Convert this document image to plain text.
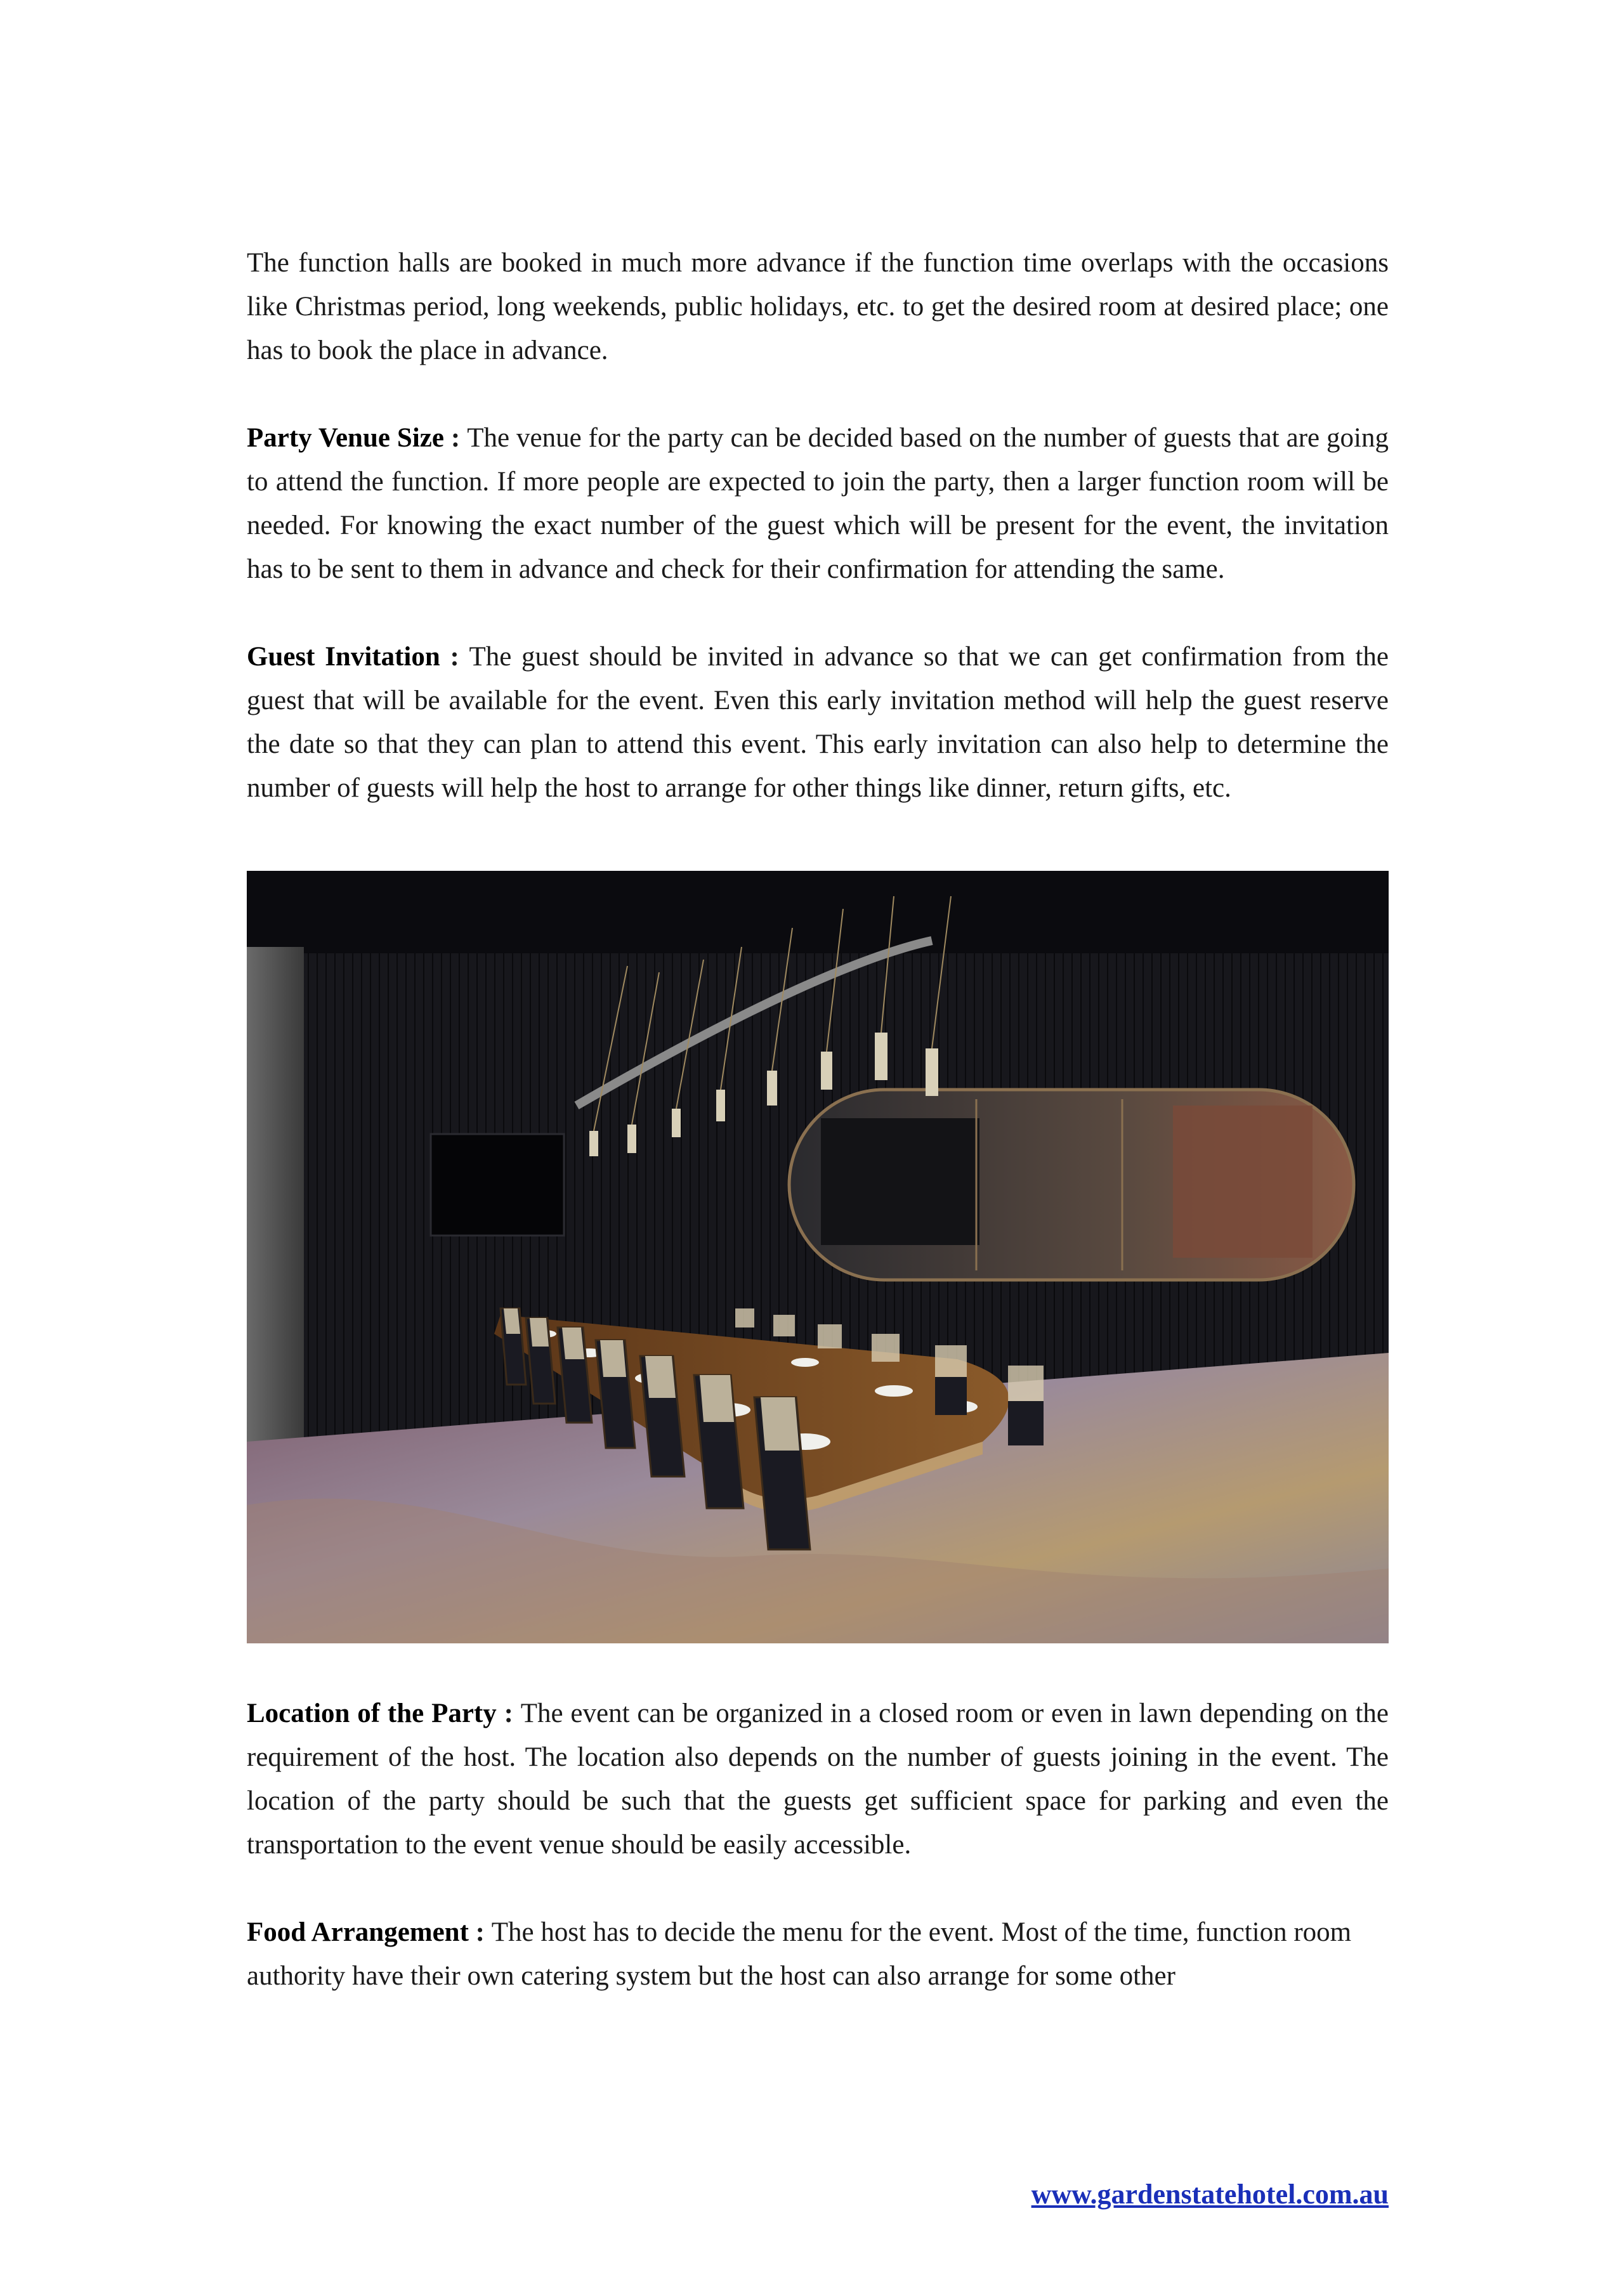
The function halls are booked in much more advance if the function time overlaps with the occasions like Christmas period, long weekends, public holidays, etc. to get the desired room at desired place; one has to book the place in advance.

Party Venue Size : The venue for the party can be decided based on the number of guests that are going to attend the function. If more people are expected to join the party, then a larger function room will be needed. For knowing the exact number of the guest which will be present for the event, the invitation has to be sent to them in advance and check for their confirmation for attending the same.

Guest Invitation : The guest should be invited in advance so that we can get confirmation from the guest that will be available for the event. Even this early invitation method will help the guest reserve the date so that they can plan to attend this event. This early invitation can also help to determine the number of guests will help the host to arrange for other things like dinner, return gifts, etc.

Location of the Party : The event can be organized in a closed room or even in lawn depending on the requirement of the host. The location also depends on the number of guests joining in the event. The location of the party should be such that the guests get sufficient space for parking and even the transportation to the event venue should be easily accessible.

Food Arrangement : The host has to decide the menu for the event. Most of the time, function room authority have their own catering system but the host can also arrange for some other

www.gardenstatehotel.com.au
